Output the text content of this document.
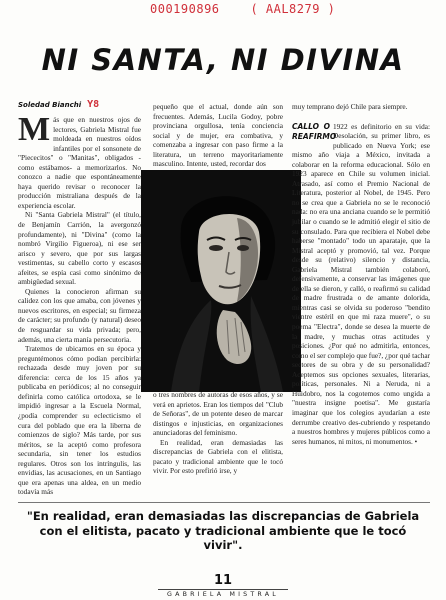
000190896	( AAL8279 )
NI SANTA, NI DIVINA
Soledad Bianchi Y8

Más que en nuestros ojos de lectores, Gabriela Mistral fue moldeada en nuestros oídos infantiles por el sonsonete de "Piececitos" o "Manitas", obligados -como estábamos- a memorizarlos. No conozco a nadie que espontáneamente haya querido revisar o reconocer la producción mistraliana después de la experiencia escolar.

Ni "Santa Gabriela Mistral" (el título, de Benjamín Carrión, la avergonzó profundamente), ni "Divina" (como la nombró Virgilio Figueroa), ni ese ser arisco y severo, que por sus largas vestimentas, su cabello corto y escasos afeites, se espía casi como sinónimo de ambigüedad sexual.

Quienes la conocieron afirman su calidez con los que amaba, con jóvenes y nuevos escritores, en especial; su firmeza de carácter; su profundo (y natural) deseo de resguardar su vida privada; pero, además, una cierta manía persecutoria.

Tratemos de ubicarnos en su época y preguntémonos cómo podían percibirla: rechazada desde muy joven por su diferencia: cerca de los 15 años ya publicaba en periódicos; al no conseguir definirla como católica ortodoxa, se le impidió ingresar a la Escuela Normal, ¿podía comprender su eclecticismo el cura del poblado que era la liberna de comienzos de siglo? Más tarde, por sus méritos, se la aceptó como profesora secundaria, sin tener los estudios regulares. Otros son los intríngulis, las envidias, las acusaciones, en un Santiago que era apenas una aldea, en un medio todavía más

pequeño que el actual, donde aún son frecuentes. Además, Lucila Godoy, pobre provinciana orgullosa, tenía conciencia social y de mujer, era combativa, y comenzaba a ingresar con paso firme a la literatura, un terreno mayoritariamente masculino. Intente, usted, recordar dos

o tres nombres de autoras de esos años, y se verá en aprietos. Eran los tiempos del "Club de Señoras", de un potente deseo de marcar distingos e injusticias, en organizaciones anunciadoras del feminismo.

En realidad, eran demasiadas las discrepancias de Gabriela con el elitista, pacato y tradicional ambiente que le tocó vivir. Por esto prefirió irse, y

muy temprano dejó Chile para siempre.

CALLO O REAFIRMO
1922 es definitorio en su vida: Desolación, su primer libro, es publicado en Nueva York; ese mismo año viaja a México, invitada a colaborar en la reforma educacional. Sólo en 1923 aparece en Chile su volumen inicial. Atrasado, así como el Premio Nacional de Literatura, posterior al Nobel, de 1945. Pero no se crea que a Gabriela no se le reconoció nada: no era una anciana cuando se le permitió jubilar o cuando se le admitió elegir el sitio de su consulado. Para que recibiera el Nobel debe haberse "montado" todo un aparataje, que la Mistral aceptó y promovió, tal vez. Porque desde su (relativo) silencio y distancia, Gabriela Mistral también colaboró, defensivamente, a conservar las imágenes que de ella se dieron, y calló, o reafirmó su calidad de madre frustrada o de amante dolorida, mientras casi se olvida su poderoso "bendito vientre estéril en que mi raza muere", o su poema "Electra", donde se desea la muerte de la madre, y muchas otras actitudes y posiciones. ¿Por qué no admitirla, entonces, como el ser complejo que fue?, ¿por qué tachar sectores de su obra y de su personalidad? Aceptemos sus opciones sexuales, literarias, políticas, personales. Ni a Neruda, ni a Huidobro, nos la cogotemos como ungida a "nuestra insigne poetisa". Me gustaría imaginar que los colegios ayudarían a este derrumbe creativo des-cubriendo y respetando a nuestros hombres y mujeres públicos como a seres humanos, ni mitos, ni monumentos. •

"En realidad, eran demasiadas las discrepancias de Gabriela con el elitista, pacato y tradicional ambiente que le tocó vivir".
11
GABRIELA MISTRAL
